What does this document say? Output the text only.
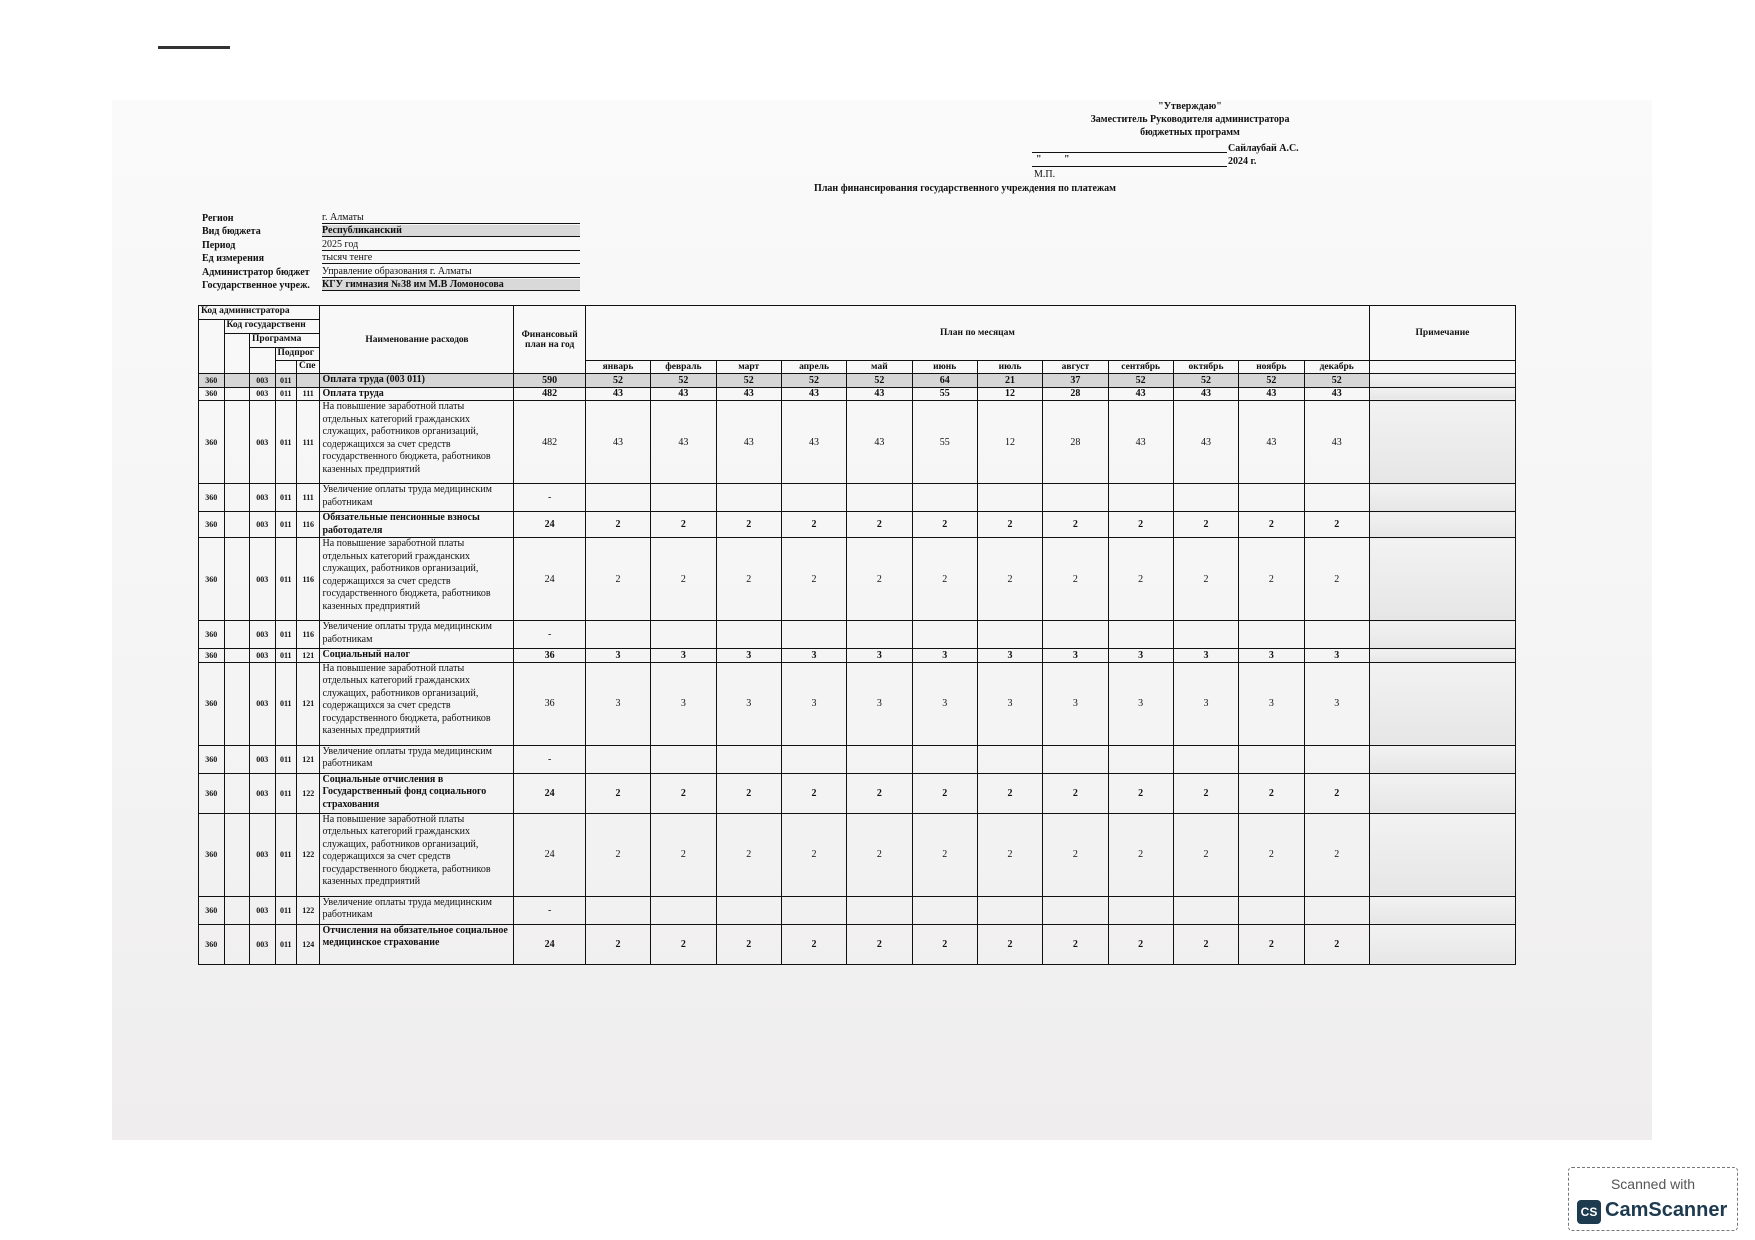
"Утверждаю"
Заместитель Руководителя администратора
бюджетных программ
Сайлаубай А.С.
" "	2024 г.
М.П.
План финансирования государственного учреждения по платежам
Регион	г. Алматы
Вид бюджета	Республиканский
Период	2025 год
Ед измерения	тысяч тенге
Администратор бюджет	Управление образования г. Алматы
Государственное учреж.	КГУ гимназия №38 им М.В Ломоносова
Код администратора					Наименование расходов	Финансовый план на год	План по месяцам												Примечание
	Код государственн																		
		Программа																	
			Подпрог																
				Спе			январь	февраль	март	апрель	май	июнь	июль	август	сентябрь	октябрь	ноябрь	декабрь	
360		003	011		Оплата труда (003 011)	590	52	52	52	52	52	64	21	37	52	52	52	52	
360		003	011	111	Оплата труда	482	43	43	43	43	43	55	12	28	43	43	43	43	
360		003	011	111	На повышение заработной платы отдельных категорий гражданских служащих, работников организаций, содержащихся за счет средств государственного бюджета, работников казенных предприятий	482	43	43	43	43	43	55	12	28	43	43	43	43	
360		003	011	111	Увеличение оплаты труда медицинским работникам	-													
360		003	011	116	Обязательные пенсионные взносы работодателя	24	2	2	2	2	2	2	2	2	2	2	2	2	
360		003	011	116	На повышение заработной платы отдельных категорий гражданских служащих, работников организаций, содержащихся за счет средств государственного бюджета, работников казенных предприятий	24	2	2	2	2	2	2	2	2	2	2	2	2	
360		003	011	116	Увеличение оплаты труда медицинским работникам	-													
360		003	011	121	Социальный налог	36	3	3	3	3	3	3	3	3	3	3	3	3	
360		003	011	121	На повышение заработной платы отдельных категорий гражданских служащих, работников организаций, содержащихся за счет средств государственного бюджета, работников казенных предприятий	36	3	3	3	3	3	3	3	3	3	3	3	3	
360		003	011	121	Увеличение оплаты труда медицинским работникам	-													
360		003	011	122	Социальные отчисления в Государственный фонд социального страхования	24	2	2	2	2	2	2	2	2	2	2	2	2	
360		003	011	122	На повышение заработной платы отдельных категорий гражданских служащих, работников организаций, содержащихся за счет средств государственного бюджета, работников казенных предприятий	24	2	2	2	2	2	2	2	2	2	2	2	2	
360		003	011	122	Увеличение оплаты труда медицинским работникам	-													
360		003	011	124	Отчисления на обязательное социальное медицинское страхование	24	2	2	2	2	2	2	2	2	2	2	2	2	
Scanned with
CS CamScanner
